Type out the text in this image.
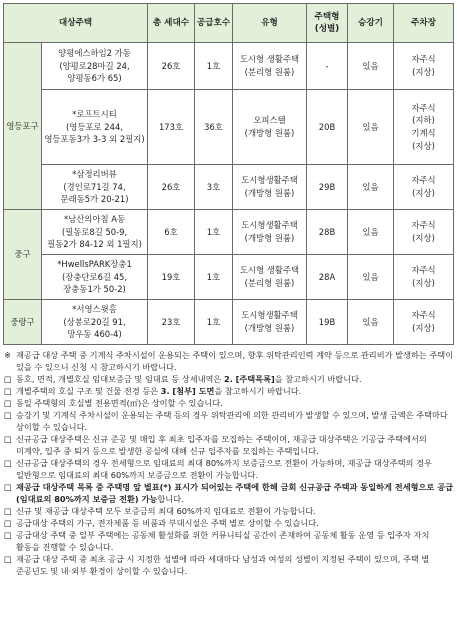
대상주택		총 세대수	공급호수	유형	주택형
(성별)	승강기	주차장
영등포구	양평에스하임2 가동
(양평로28마길 24,
양평동6가 65)	26호	1호	도시형 생활주택
(분리형 원룸)	-	있음	자주식
(지상)
	*로프트시티
(영등포로 244,
영등포동3가 3-3 외 2필지)	173호	36호	오피스텔
(개방형 원룸)	20B	있음	자주식
(지하)
기계식
(지상)
	*삼정리버뷰
(경인로71길 74,
문래동5가 20-21)	26호	3호	도시형생활주택
(개방형 원룸)	29B	있음	자주식
(지상)
중구	*남산의아침 A동
(필동로8길 50-9,
필동2가 84-12 외 1필지)	6호	1호	도시형생활주택
(개방형 원룸)	28B	있음	자주식
(지상)
	*HwellsPARK장충1
(장충단로6길 45,
장충동1가 50-2)	19호	1호	도시형 생활주택
(분리형 원룸)	28A	있음	자주식
(지상)
중랑구	*서영스윗홈
(상봉로20길 91,
망우동 460-4)	23호	1호	도시형생활주택
(개방형 원룸)	19B	있음	자주식
(지상)

※ 재공급 대상 주택 중 기계식 주차시설이 운용되는 주택이 있으며, 향후 위탁관리인력 계약 등으로 관리비가 발생하는 주택이 있을 수 있으니 신청 시 참고하시기 바랍니다.

□ 동호, 면적, 개별호실 임대보증금 및 임대료 등 상세내역은 2. [주택목록]을 참고하시기 바랍니다.

□ 개별주택의 호실 구조 및 건물 전경 등은 3. [첨부] 도면을 참고하시기 바랍니다.

□ 동일 주택형의 호실별 전용면적(㎡)은 상이할 수 있습니다.

□ 승강기 및 기계식 주차시설이 운용되는 주택 등의 경우 위탁관리에 의한 관리비가 발생할 수 있으며, 발생 금액은 주택마다 상이할 수 있습니다.

□ 신규공급 대상주택은 신규 준공 및 매입 후 최초 입주자를 모집하는 주택이며, 재공급 대상주택은 기공급 주택에서의 미계약, 입주 중 퇴거 등으로 발생한 공실에 대해 신규 입주자를 모집하는 주택입니다.

□ 신규공급 대상주택의 경우 전세형으로 임대료의 최대 80%까지 보증금으로 전환이 가능하며, 재공급 대상주택의 경우 일반형으로 임대료의 최대 60%까지 보증금으로 전환이 가능합니다.

□ 재공급 대상주택 목록 중 주택명 앞 별표(*) 표시가 되어있는 주택에 한해 금회 신규공급 주택과 동일하게 전세형으로 공급(임대료의 80%까지 보증금 전환) 가능합니다.

□ 신규 및 재공급 대상주택 모두 보증금의 최대 60%까지 임대료로 전환이 가능합니다.

□ 공급대상 주택의 가구, 전자제품 등 비품과 부대시설은 주택 별로 상이할 수 있습니다.

□ 공급대상 주택 중 일부 주택에는 공동체 활성화를 위한 커뮤니티실 공간이 존재하여 공동체 활동 운영 등 입주자 자치 활동을 진행할 수 있습니다.

□ 재공급 대상 주택 중 최초 공급 시 지정한 성별에 따라 세대마다 남성과 여성의 성별이 지정된 주택이 있으며, 주택 별 준공년도 및 내·외부 환경이 상이할 수 있습니다.
